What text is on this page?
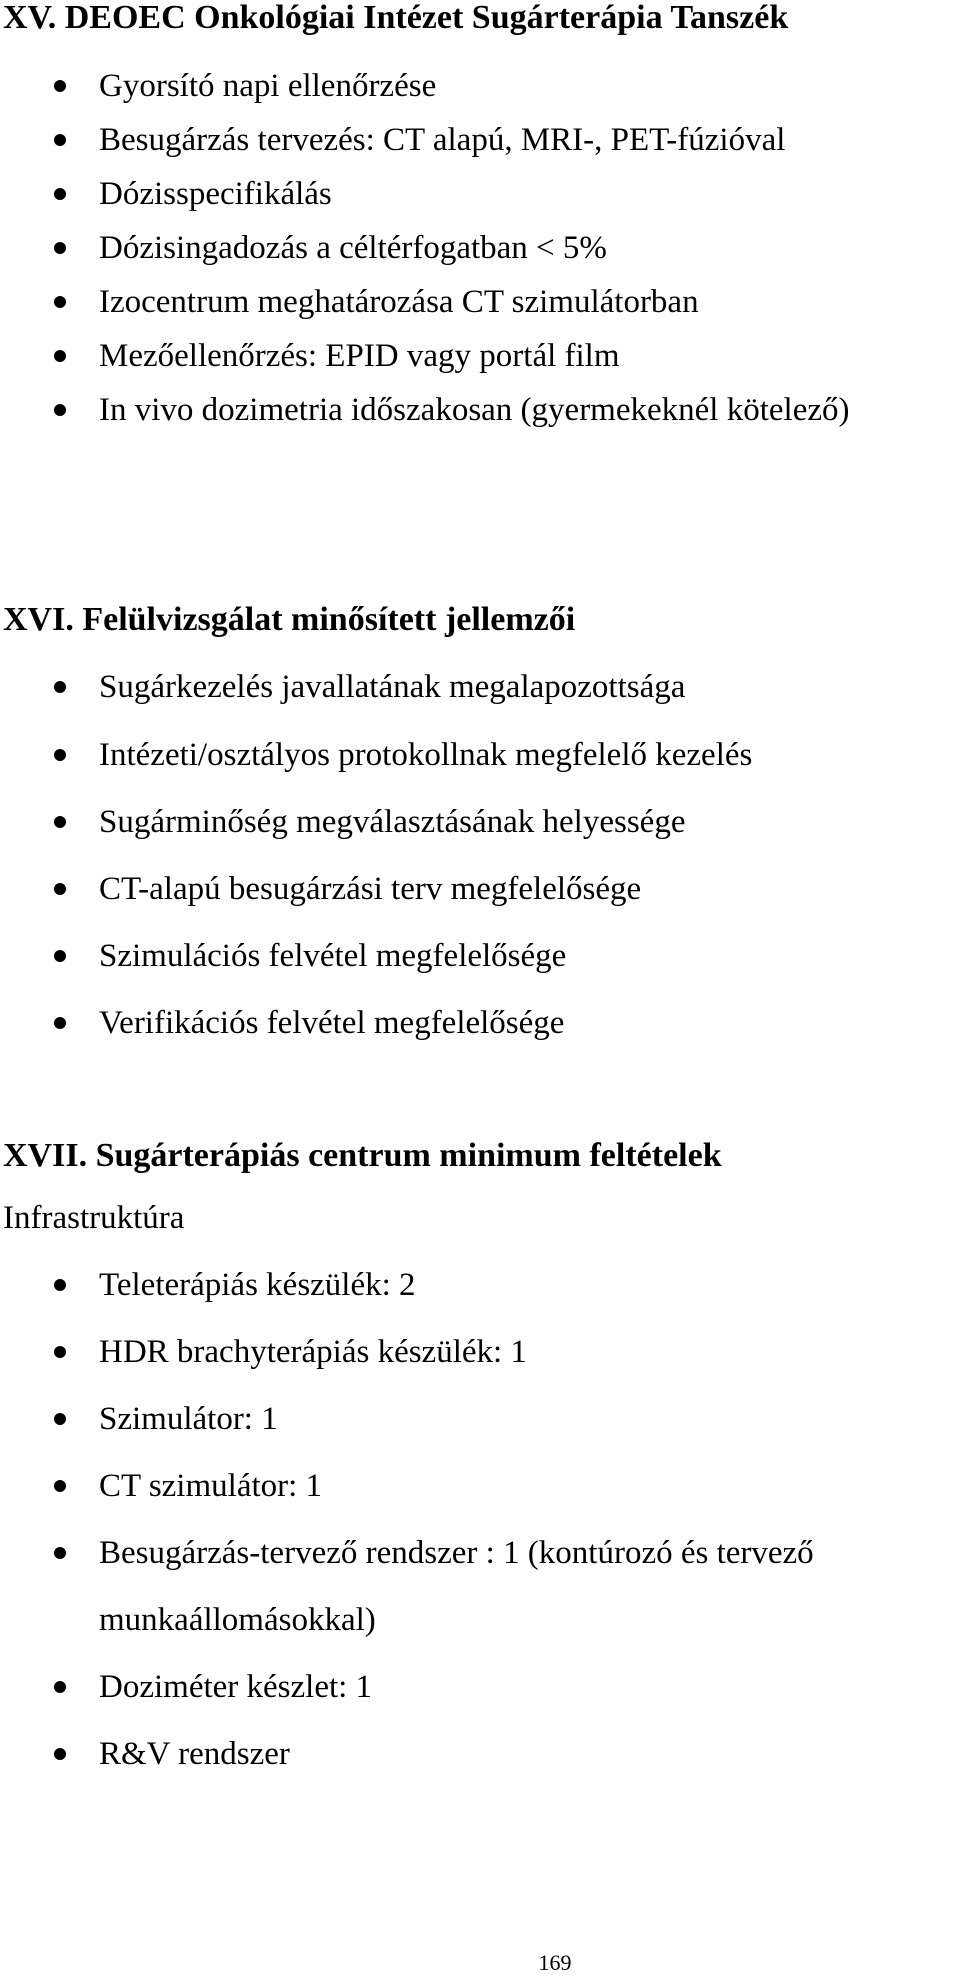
XV. DEOEC Onkológiai Intézet Sugárterápia Tanszék
Gyorsító napi ellenőrzése
Besugárzás tervezés: CT alapú, MRI-, PET-fúzióval
Dózisspecifikálás
Dózisingadozás a céltérfogatban < 5%
Izocentrum meghatározása CT szimulátorban
Mezőellenőrzés: EPID vagy portál film
In vivo dozimetria időszakosan (gyermekeknél kötelező)
XVI. Felülvizsgálat minősített jellemzői
Sugárkezelés javallatának megalapozottsága
Intézeti/osztályos protokollnak megfelelő kezelés
Sugárminőség megválasztásának helyessége
CT-alapú besugárzási terv megfelelősége
Szimulációs felvétel megfelelősége
Verifikációs felvétel megfelelősége
XVII. Sugárterápiás centrum minimum feltételek
Infrastruktúra
Teleterápiás készülék: 2
HDR brachyterápiás készülék: 1
Szimulátor: 1
CT szimulátor: 1
Besugárzás-tervező rendszer : 1 (kontúrozó és tervező
munkaállomásokkal)
Doziméter készlet: 1
R&V rendszer
169
